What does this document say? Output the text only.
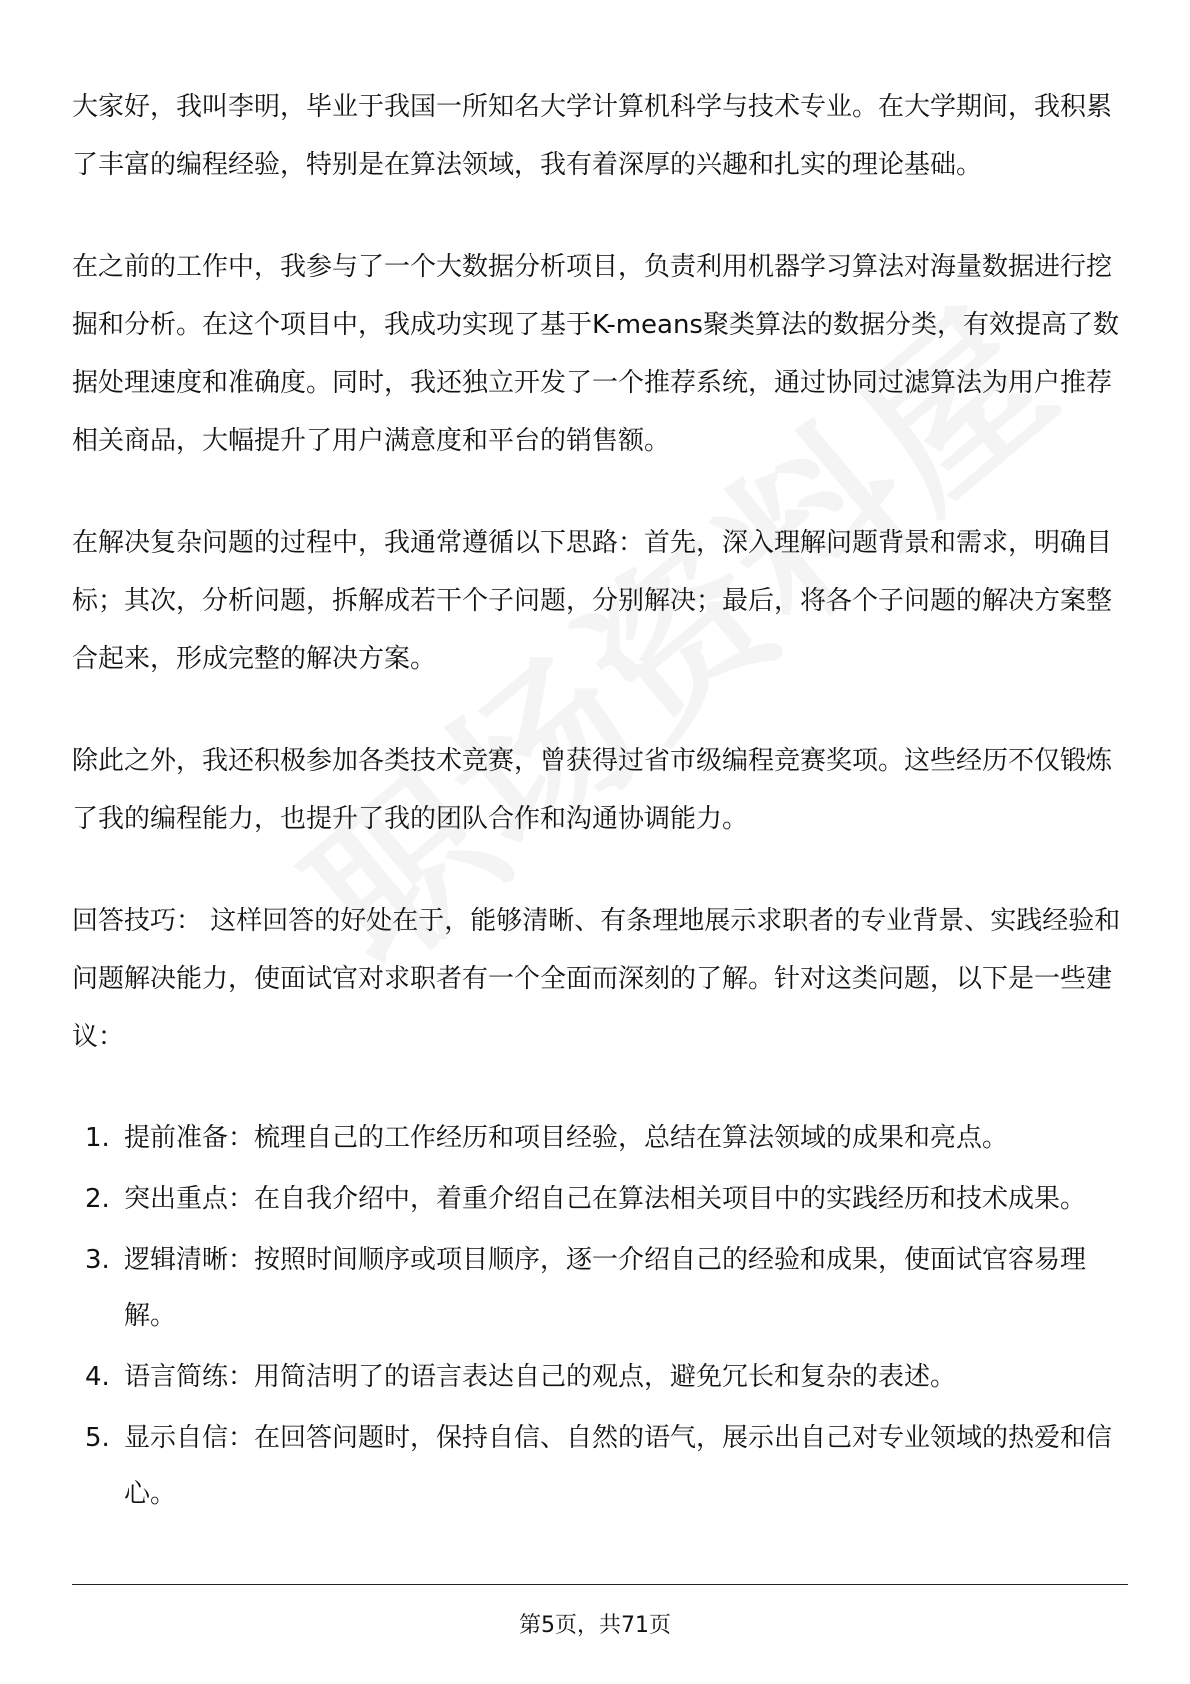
大家好，我叫李明，毕业于我国一所知名大学计算机科学与技术专业。在大学期间，我积累了丰富的编程经验，特别是在算法领域，我有着深厚的兴趣和扎实的理论基础。

在之前的工作中，我参与了一个大数据分析项目，负责利用机器学习算法对海量数据进行挖掘和分析。在这个项目中，我成功实现了基于K-means聚类算法的数据分类，有效提高了数据处理速度和准确度。同时，我还独立开发了一个推荐系统，通过协同过滤算法为用户推荐相关商品，大幅提升了用户满意度和平台的销售额。

在解决复杂问题的过程中，我通常遵循以下思路：首先，深入理解问题背景和需求，明确目标；其次，分析问题，拆解成若干个子问题，分别解决；最后，将各个子问题的解决方案整合起来，形成完整的解决方案。

除此之外，我还积极参加各类技术竞赛，曾获得过省市级编程竞赛奖项。这些经历不仅锻炼了我的编程能力，也提升了我的团队合作和沟通协调能力。

回答技巧： 这样回答的好处在于，能够清晰、有条理地展示求职者的专业背景、实践经验和问题解决能力，使面试官对求职者有一个全面而深刻的了解。针对这类问题，以下是一些建议：

1. 提前准备：梳理自己的工作经历和项目经验，总结在算法领域的成果和亮点。
2. 突出重点：在自我介绍中，着重介绍自己在算法相关项目中的实践经历和技术成果。
3. 逻辑清晰：按照时间顺序或项目顺序，逐一介绍自己的经验和成果，使面试官容易理解。
4. 语言简练：用简洁明了的语言表达自己的观点，避免冗长和复杂的表述。
5. 显示自信：在回答问题时，保持自信、自然的语气，展示出自己对专业领域的热爱和信心。
第5页，共71页
